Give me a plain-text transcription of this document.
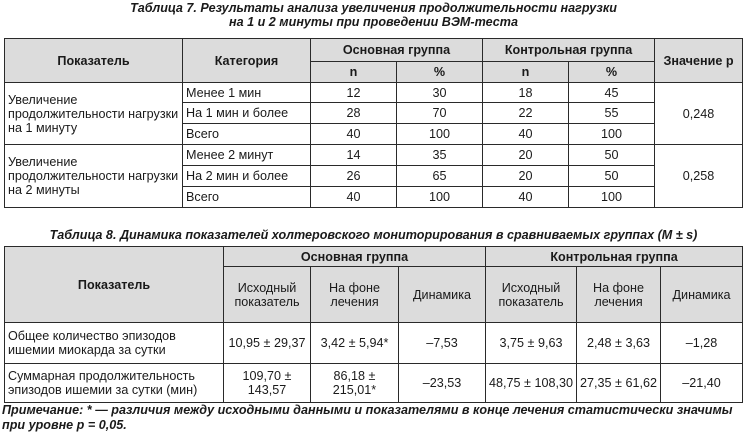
Таблица 7. Результаты анализа увеличения продолжительности нагрузки
на 1 и 2 минуты при проведении ВЭМ-теста
Показатель	Категория	Основная группа		Контрольная группа		Значение р
		n	%	n	%	
Увеличение продолжительности нагрузки на 1 минуту	Менее 1 мин	12	30	18	45	0,248
	На 1 мин и более	28	70	22	55	
	Всего	40	100	40	100	
Увеличение продолжительности нагрузки на 2 минуты	Менее 2 минут	14	35	20	50	0,258
	На 2 мин и более	26	65	20	50	
	Всего	40	100	40	100	
Таблица 8. Динамика показателей холтеровского мониторирования в сравниваемых группах (M ± s)
Показатель	Основная группа			Контрольная группа		
	Исходный показатель	На фоне лечения	Динамика	Исходный показатель	На фоне лечения	Динамика
Общее количество эпизодов ишемии миокарда за сутки	10,95 ± 29,37	3,42 ± 5,94*	–7,53	3,75 ± 9,63	2,48 ± 3,63	–1,28
Суммарная продолжительность эпизодов ишемии за сутки (мин)	109,70 ± 143,57	86,18 ± 215,01*	–23,53	48,75 ± 108,30	27,35 ± 61,62	–21,40
Примечание: * — различия между исходными данными и показателями в конце лечения статистически значимы при уровне p = 0,05.
